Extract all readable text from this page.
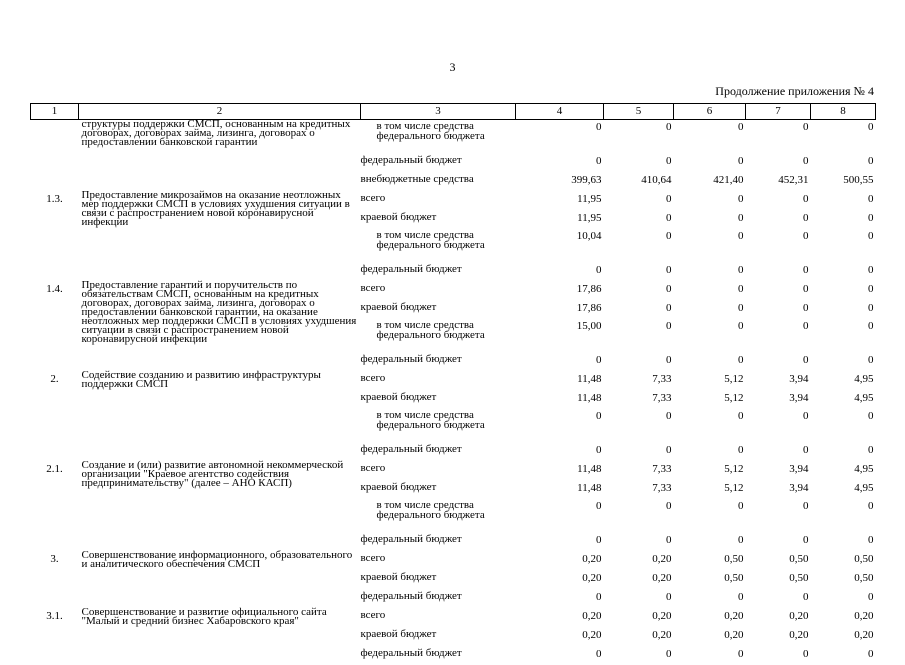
3
Продолжение приложения № 4
1	2	3	4	5	6	7	8
	структуры поддержки СМСП, основанным на кредитных договорах, договорах займа, лизинга, договорах о предоставлении банковской гарантии	в том числе средства федерального бюджета	0	0	0	0	0
		федеральный бюджет	0	0	0	0	0
		внебюджетные средства	399,63	410,64	421,40	452,31	500,55
1.3.	Предоставление микрозаймов на оказание неотложных мер поддержки СМСП в условиях ухудшения ситуации в связи с распространением новой коронавирусной инфекции	всего	11,95	0	0	0	0
		краевой бюджет	11,95	0	0	0	0
		в том числе средства федерального бюджета	10,04	0	0	0	0
		федеральный бюджет	0	0	0	0	0
1.4.	Предоставление гарантий и поручительств по обязательствам СМСП, основанным на кредитных договорах, договорах займа, лизинга, договорах о предоставлении банковской гарантии, на оказание неотложных мер поддержки СМСП в условиях ухудшения ситуации в связи с распространением новой коронавирусной инфекции	всего	17,86	0	0	0	0
		краевой бюджет	17,86	0	0	0	0
		в том числе средства федерального бюджета	15,00	0	0	0	0
		федеральный бюджет	0	0	0	0	0
2.	Содействие созданию и развитию инфраструктуры поддержки СМСП	всего	11,48	7,33	5,12	3,94	4,95
		краевой бюджет	11,48	7,33	5,12	3,94	4,95
		в том числе средства федерального бюджета	0	0	0	0	0
		федеральный бюджет	0	0	0	0	0
2.1.	Создание и (или) развитие автономной некоммерческой организации "Краевое агентство содействия предпринимательству" (далее – АНО КАСП)	всего	11,48	7,33	5,12	3,94	4,95
		краевой бюджет	11,48	7,33	5,12	3,94	4,95
		в том числе средства федерального бюджета	0	0	0	0	0
		федеральный бюджет	0	0	0	0	0
3.	Совершенствование информационного, образовательного и аналитического обеспечения СМСП	всего	0,20	0,20	0,50	0,50	0,50
		краевой бюджет	0,20	0,20	0,50	0,50	0,50
		федеральный бюджет	0	0	0	0	0
3.1.	Совершенствование и развитие официального сайта "Малый и средний бизнес Хабаровского края"	всего	0,20	0,20	0,20	0,20	0,20
		краевой бюджет	0,20	0,20	0,20	0,20	0,20
		федеральный бюджет	0	0	0	0	0
